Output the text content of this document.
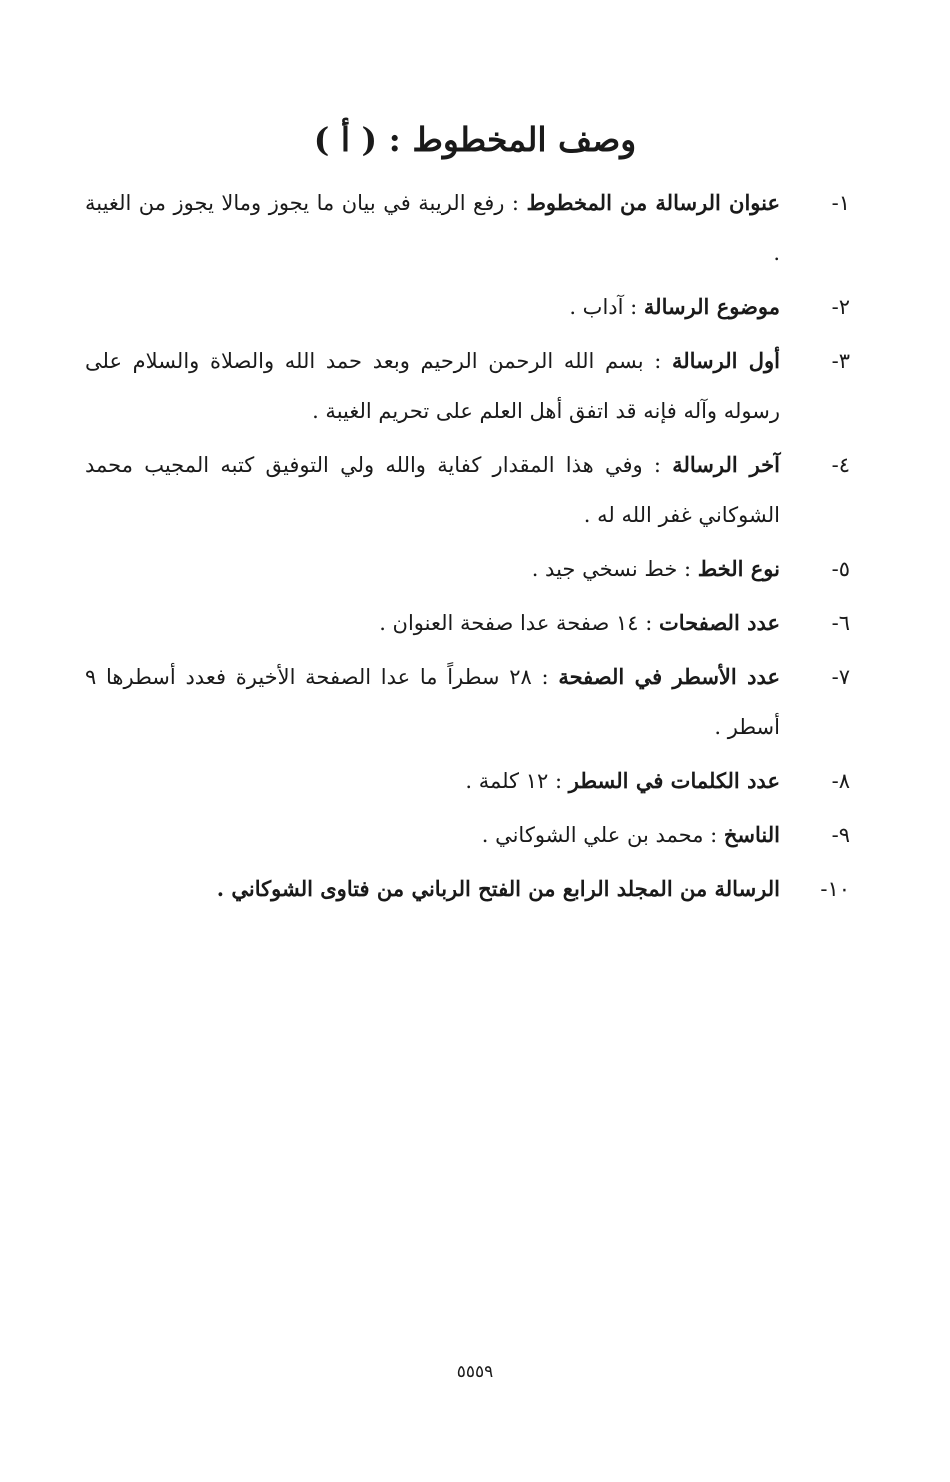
وصف المخطوط : ( أ )
١-
عنوان الرسالة من المخطوط : رفع الريبة في بيان ما يجوز ومالا يجوز من الغيبة .
٢-
موضوع الرسالة : آداب .
٣-
أول الرسالة : بسم الله الرحمن الرحيم وبعد حمد الله والصلاة والسلام على رسوله وآله فإنه قد اتفق أهل العلم على تحريم الغيبة .
٤-
آخر الرسالة : وفي هذا المقدار كفاية والله ولي التوفيق كتبه المجيب محمد الشوكاني غفر الله له .
٥-
نوع الخط : خط نسخي جيد .
٦-
عدد الصفحات : ١٤ صفحة عدا صفحة العنوان .
٧-
عدد الأسطر في الصفحة : ٢٨ سطراً ما عدا الصفحة الأخيرة فعدد أسطرها ٩ أسطر .
٨-
عدد الكلمات في السطر : ١٢ كلمة .
٩-
الناسخ : محمد بن علي الشوكاني .
١٠-
الرسالة من المجلد الرابع من الفتح الرباني من فتاوى الشوكاني .
٥٥٥٩
